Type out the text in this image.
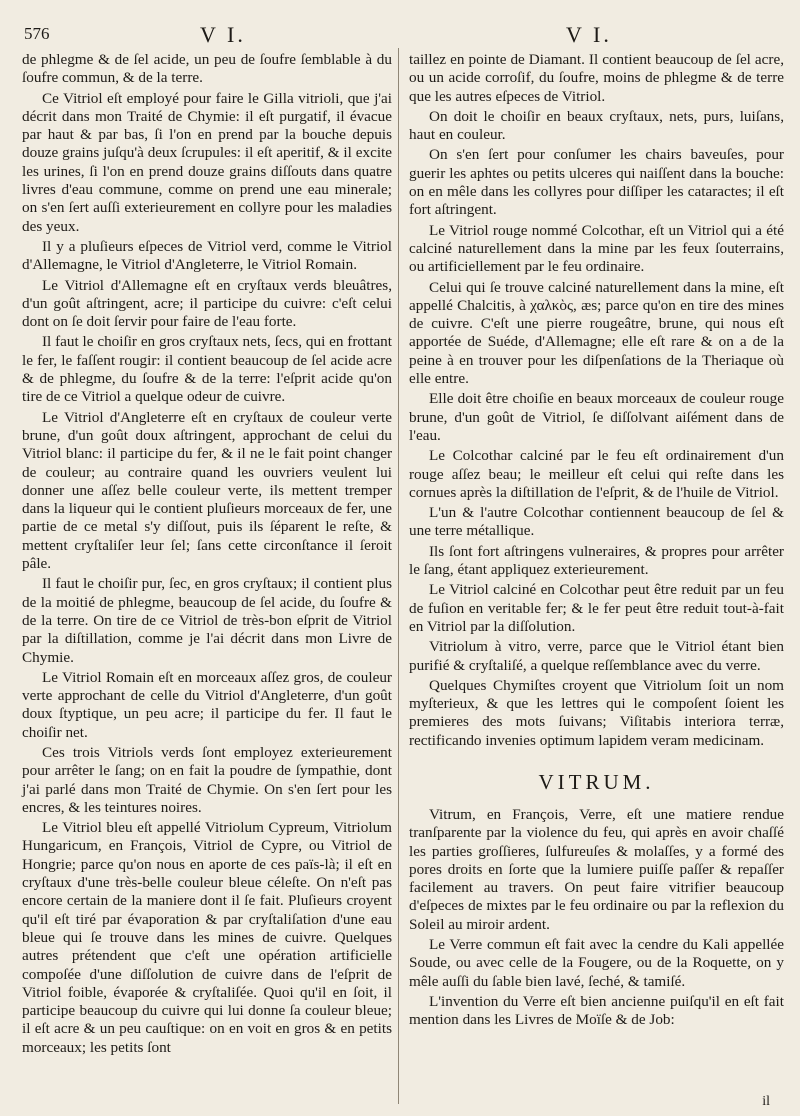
576	V I.	V I.

de phlegme & de ſel acide, un peu de ſoufre ſemblable à du ſoufre commun, & de la terre.

Ce Vitriol eſt employé pour faire le Gilla vitrioli, que j'ai décrit dans mon Traité de Chymie: il eſt purgatif, il évacue par haut & par bas, ſi l'on en prend par la bouche depuis douze grains juſqu'à deux ſcrupules: il eſt aperitif, & il excite les urines, ſi l'on en prend douze grains diſſouts dans quatre livres d'eau commune, comme on prend une eau minerale; on s'en ſert auſſi exterieurement en collyre pour les maladies des yeux.

Il y a pluſieurs eſpeces de Vitriol verd, comme le Vitriol d'Allemagne, le Vitriol d'Angleterre, le Vitriol Romain.

Le Vitriol d'Allemagne eſt en cryſtaux verds bleuâtres, d'un goût aſtringent, acre; il participe du cuivre: c'eſt celui dont on ſe doit ſervir pour faire de l'eau forte.

Il faut le choiſir en gros cryſtaux nets, ſecs, qui en frottant le fer, le faſſent rougir: il contient beaucoup de ſel acide acre & de phlegme, du ſoufre & de la terre: l'eſprit acide qu'on tire de ce Vitriol a quelque odeur de cuivre.

Le Vitriol d'Angleterre eſt en cryſtaux de couleur verte brune, d'un goût doux aſtringent, approchant de celui du Vitriol blanc: il participe du fer, & il ne le fait point changer de couleur; au contraire quand les ouvriers veulent lui donner une aſſez belle couleur verte, ils mettent tremper dans la liqueur qui le contient pluſieurs morceaux de fer, une partie de ce metal s'y diſſout, puis ils ſéparent le reſte, & mettent cryſtaliſer leur ſel; ſans cette circonſtance il ſeroit pâle.

Il faut le choiſir pur, ſec, en gros cryſtaux; il contient plus de la moitié de phlegme, beaucoup de ſel acide, du ſoufre & de la terre. On tire de ce Vitriol de très-bon eſprit de Vitriol par la diſtillation, comme je l'ai décrit dans mon Livre de Chymie.

Le Vitriol Romain eſt en morceaux aſſez gros, de couleur verte approchant de celle du Vitriol d'Angleterre, d'un goût doux ſtyptique, un peu acre; il participe du fer. Il faut le choiſir net.

Ces trois Vitriols verds ſont employez exterieurement pour arrêter le ſang; on en fait la poudre de ſympathie, dont j'ai parlé dans mon Traité de Chymie. On s'en ſert pour les encres, & les teintures noires.

Le Vitriol bleu eſt appellé Vitriolum Cypreum, Vitriolum Hungaricum, en François, Vitriol de Cypre, ou Vitriol de Hongrie; parce qu'on nous en aporte de ces païs-là; il eſt en cryſtaux d'une très-belle couleur bleue céleſte. On n'eſt pas encore certain de la maniere dont il ſe fait. Pluſieurs croyent qu'il eſt tiré par évaporation & par cryſtaliſation d'une eau bleue qui ſe trouve dans les mines de cuivre. Quelques autres prétendent que c'eſt une opération artificielle compoſée d'une diſſolution de cuivre dans de l'eſprit de Vitriol foible, évaporée & cryſtaliſée. Quoi qu'il en ſoit, il participe beaucoup du cuivre qui lui donne ſa couleur bleue; il eſt acre & un peu cauſtique: on en voit en gros & en petits morceaux; les petits ſont

taillez en pointe de Diamant. Il contient beaucoup de ſel acre, ou un acide corroſif, du ſoufre, moins de phlegme & de terre que les autres eſpeces de Vitriol.

On doit le choiſir en beaux cryſtaux, nets, purs, luiſans, haut en couleur.

On s'en ſert pour conſumer les chairs baveuſes, pour guerir les aphtes ou petits ulceres qui naiſſent dans la bouche: on en mêle dans les collyres pour diſſiper les cataractes; il eſt fort aſtringent.

Le Vitriol rouge nommé Colcothar, eſt un Vitriol qui a été calciné naturellement dans la mine par les feux ſouterrains, ou artificiellement par le feu ordinaire.

Celui qui ſe trouve calciné naturellement dans la mine, eſt appellé Chalcitis, à χαλκὸς, æs; parce qu'on en tire des mines de cuivre. C'eſt une pierre rougeâtre, brune, qui nous eſt apportée de Suéde, d'Allemagne; elle eſt rare & on a de la peine à en trouver pour les diſpenſations de la Theriaque où elle entre.

Elle doit être choiſie en beaux morceaux de couleur rouge brune, d'un goût de Vitriol, ſe diſſolvant aiſément dans de l'eau.

Le Colcothar calciné par le feu eſt ordinairement d'un rouge aſſez beau; le meilleur eſt celui qui reſte dans les cornues après la diſtillation de l'eſprit, & de l'huile de Vitriol.

L'un & l'autre Colcothar contiennent beaucoup de ſel & une terre métallique.

Ils ſont fort aſtringens vulneraires, & propres pour arrêter le ſang, étant appliquez exterieurement.

Le Vitriol calciné en Colcothar peut être reduit par un feu de fuſion en veritable fer; & le fer peut être reduit tout-à-fait en Vitriol par la diſſolution.

Vitriolum à vitro, verre, parce que le Vitriol étant bien purifié & cryſtaliſé, a quelque reſſemblance avec du verre.

Quelques Chymiſtes croyent que Vitriolum ſoit un nom myſterieux, & que les lettres qui le compoſent ſoient les premieres des mots ſuivans; Viſitabis interiora terræ, rectificando invenies optimum lapidem veram medicinam.

VITRUM.

Vitrum, en François, Verre, eſt une matiere rendue tranſparente par la violence du feu, qui après en avoir chaſſé les parties groſſieres, ſulfureuſes & molaſſes, y a formé des pores droits en ſorte que la lumiere puiſſe paſſer & repaſſer facilement au travers. On peut faire vitrifier beaucoup d'eſpeces de mixtes par le feu ordinaire ou par la reflexion du Soleil au miroir ardent.

Le Verre commun eſt fait avec la cendre du Kali appellée Soude, ou avec celle de la Fougere, ou de la Roquette, on y mêle auſſi du ſable bien lavé, ſeché, & tamiſé.

L'invention du Verre eſt bien ancienne puiſqu'il en eſt fait mention dans les Livres de Moïſe & de Job:

il
